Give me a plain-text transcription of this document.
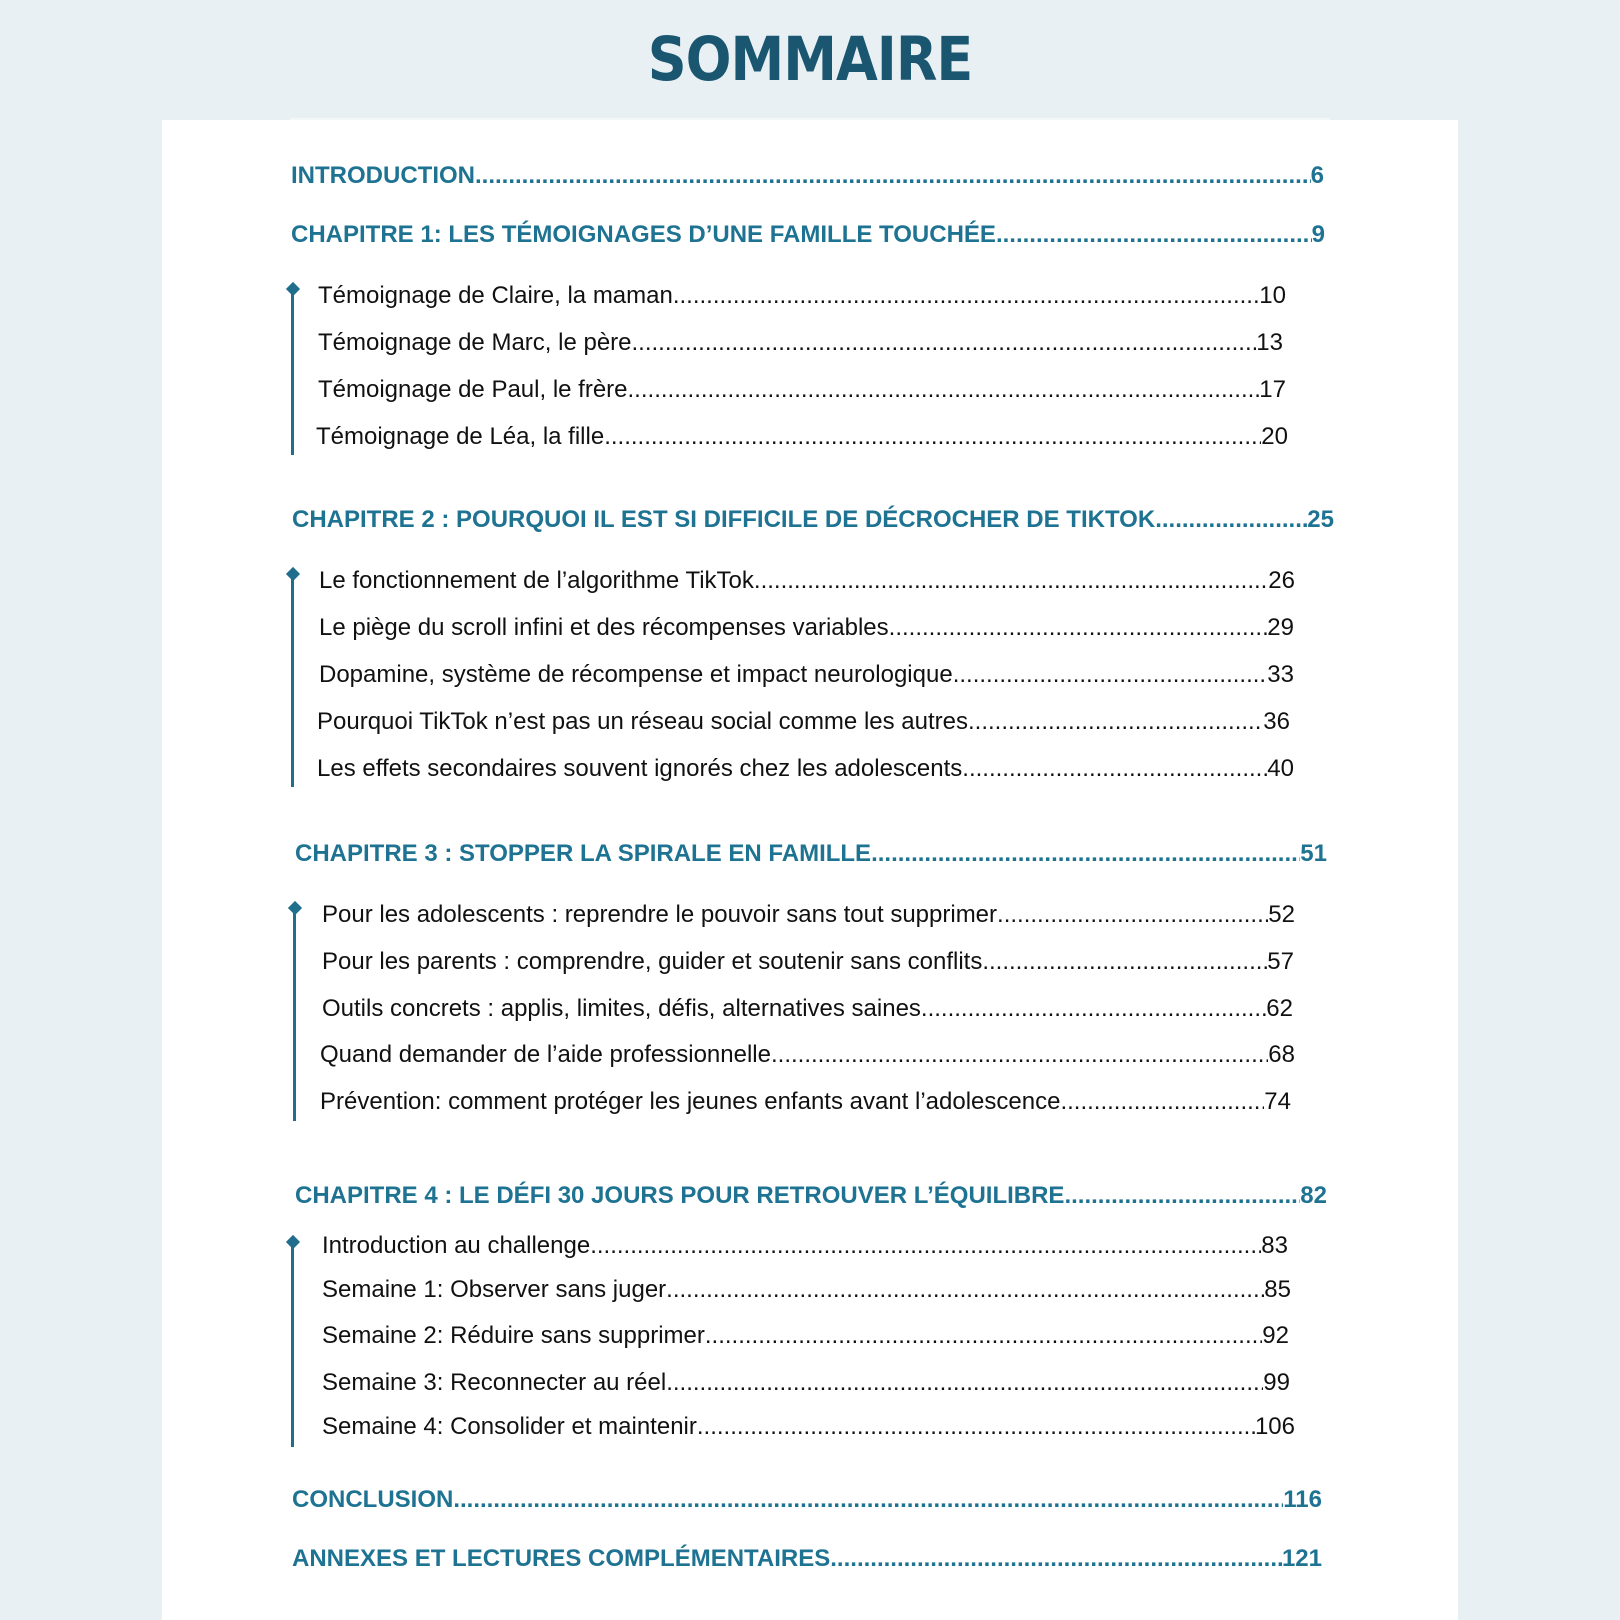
SOMMAIRE
INTRODUCTION .....	6
CHAPITRE 1: LES TÉMOIGNAGES D’UNE FAMILLE TOUCHÉE .....	9
Témoignage de Claire, la maman .....	10
Témoignage de Marc, le père .....	13
Témoignage de Paul, le frère .....	17
Témoignage de Léa, la fille .....	20
CHAPITRE 2 : POURQUOI IL EST SI DIFFICILE DE DÉCROCHER DE TIKTOK .....	25
Le fonctionnement de l’algorithme TikTok .....	26
Le piège du scroll infini et des récompenses variables .....	29
Dopamine, système de récompense et impact neurologique .....	33
Pourquoi TikTok n’est pas un réseau social comme les autres .....	36
Les effets secondaires souvent ignorés chez les adolescents .....	40
CHAPITRE 3 : STOPPER LA SPIRALE EN FAMILLE .....	51
Pour les adolescents : reprendre le pouvoir sans tout supprimer .....	52
Pour les parents : comprendre, guider et soutenir sans conflits .....	57
Outils concrets : applis, limites, défis, alternatives saines .....	62
Quand demander de l’aide professionnelle .....	68
Prévention: comment protéger les jeunes enfants avant l’adolescence .....	74
CHAPITRE 4 : LE DÉFI 30 JOURS POUR RETROUVER L’ÉQUILIBRE .....	82
Introduction au challenge .....	83
Semaine 1: Observer sans juger .....	85
Semaine 2: Réduire sans supprimer .....	92
Semaine 3: Reconnecter au réel .....	99
Semaine 4: Consolider et maintenir .....	106
CONCLUSION .....	116
ANNEXES ET LECTURES COMPLÉMENTAIRES .....	121
